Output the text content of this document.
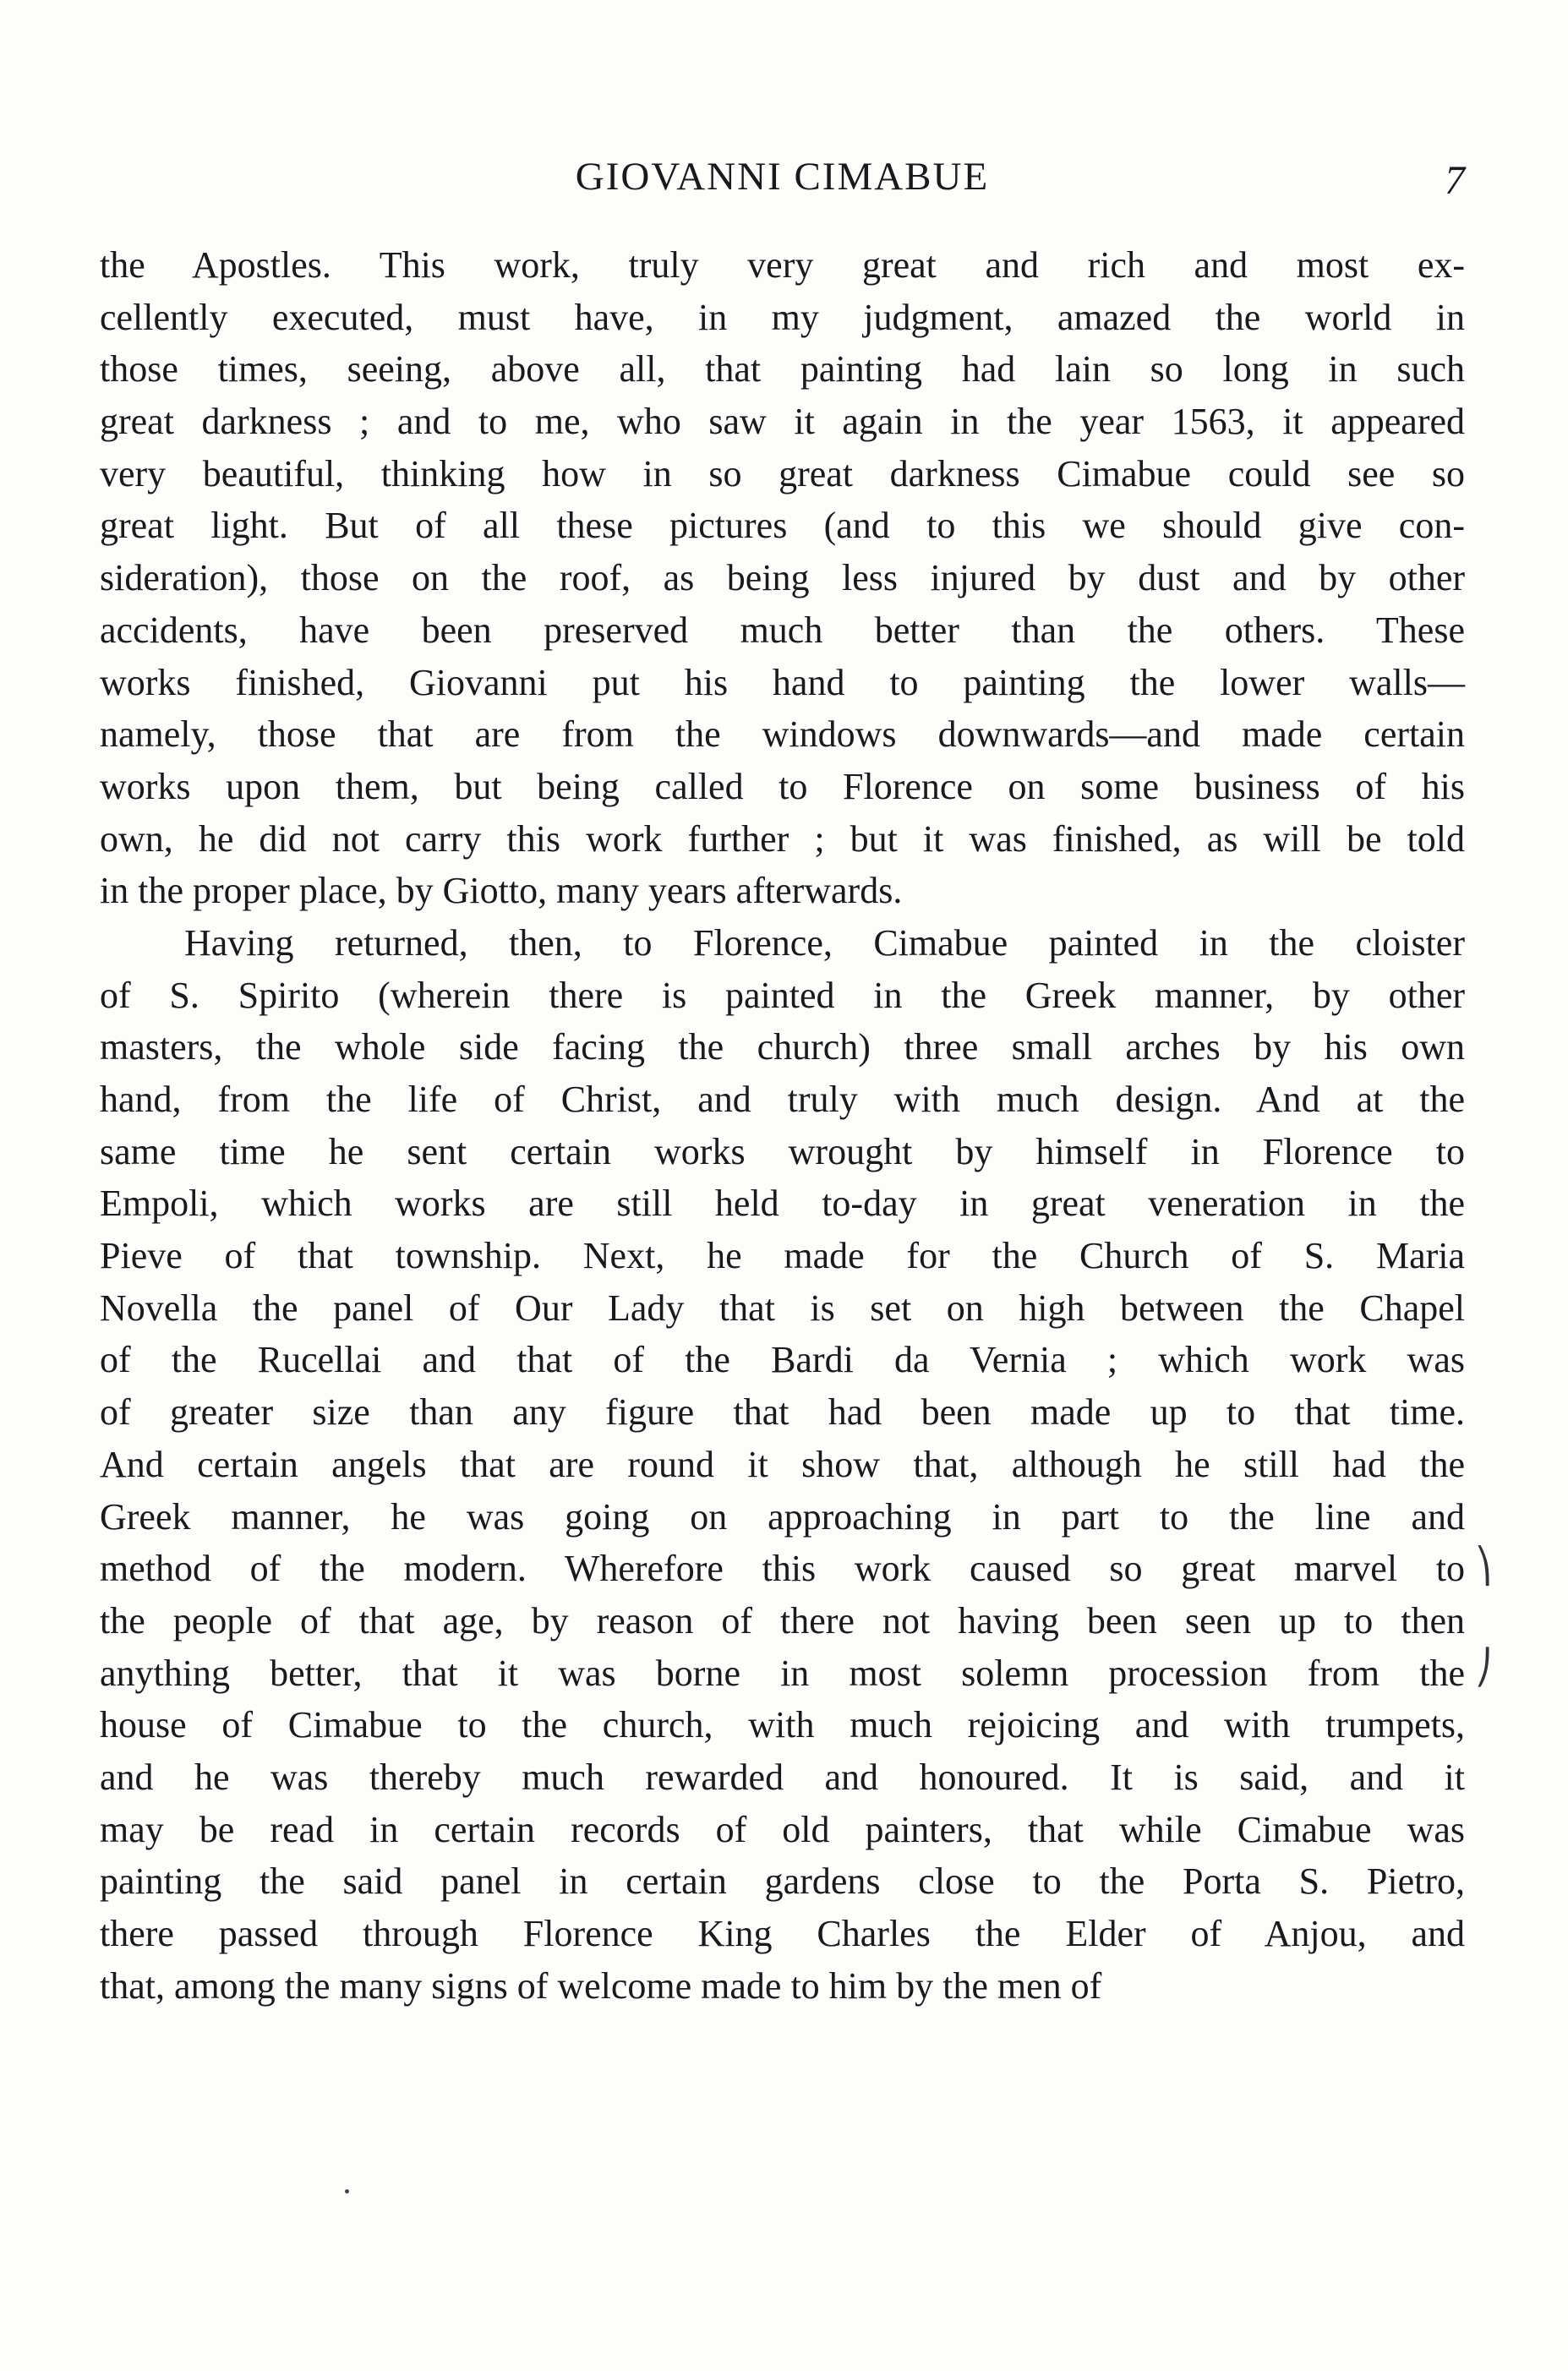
GIOVANNI CIMABUE	7
the Apostles. This work, truly very great and rich and most ex-
cellently executed, must have, in my judgment, amazed the world in
those times, seeing, above all, that painting had lain so long in such
great darkness ; and to me, who saw it again in the year 1563, it appeared
very beautiful, thinking how in so great darkness Cimabue could see so
great light. But of all these pictures (and to this we should give con-
sideration), those on the roof, as being less injured by dust and by other
accidents, have been preserved much better than the others. These
works finished, Giovanni put his hand to painting the lower walls—
namely, those that are from the windows downwards—and made certain
works upon them, but being called to Florence on some business of his
own, he did not carry this work further ; but it was finished, as will be told
in the proper place, by Giotto, many years afterwards.
Having returned, then, to Florence, Cimabue painted in the cloister
of S. Spirito (wherein there is painted in the Greek manner, by other
masters, the whole side facing the church) three small arches by his own
hand, from the life of Christ, and truly with much design. And at the
same time he sent certain works wrought by himself in Florence to
Empoli, which works are still held to-day in great veneration in the
Pieve of that township. Next, he made for the Church of S. Maria
Novella the panel of Our Lady that is set on high between the Chapel
of the Rucellai and that of the Bardi da Vernia ; which work was
of greater size than any figure that had been made up to that time.
And certain angels that are round it show that, although he still had the
Greek manner, he was going on approaching in part to the line and
method of the modern. Wherefore this work caused so great marvel to
the people of that age, by reason of there not having been seen up to then
anything better, that it was borne in most solemn procession from the
house of Cimabue to the church, with much rejoicing and with trumpets,
and he was thereby much rewarded and honoured. It is said, and it
may be read in certain records of old painters, that while Cimabue was
painting the said panel in certain gardens close to the Porta S. Pietro,
there passed through Florence King Charles the Elder of Anjou, and
that, among the many signs of welcome made to him by the men of
⎞
⎠
